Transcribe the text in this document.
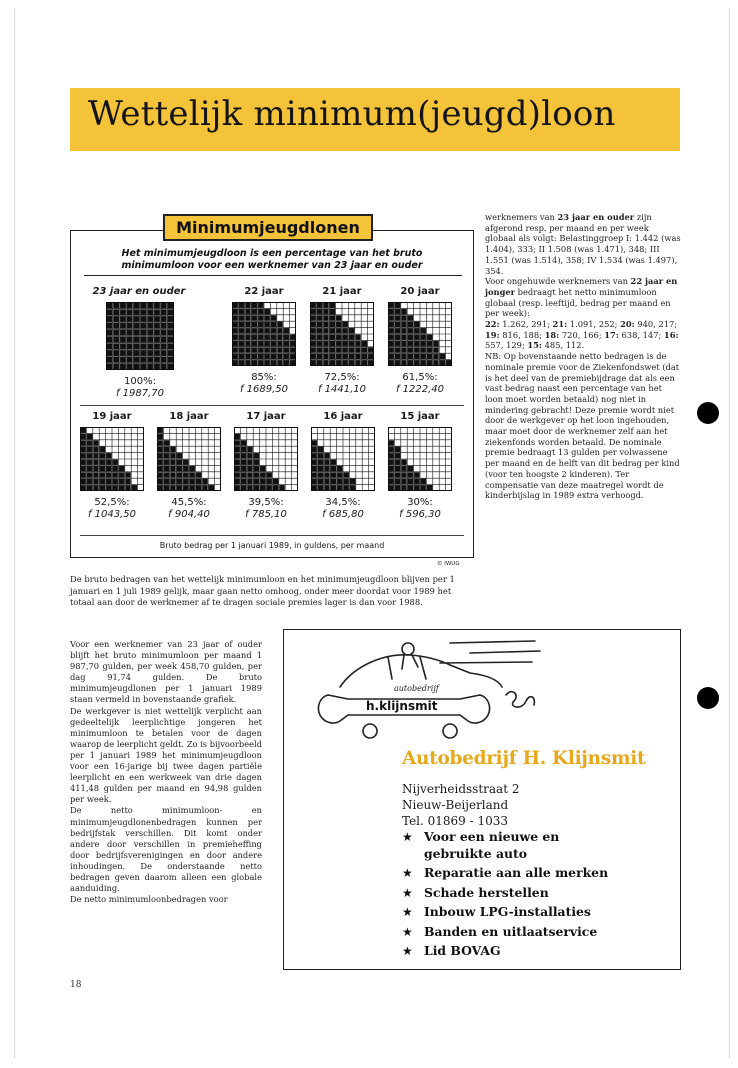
Wettelijk minimum(jeugd)loon
Minimumjeugdlonen
Het minimumjeugdloon is een percentage van het bruto
minimumloon voor een werknemer van 23 jaar en ouder
23 jaar en ouder
100%:
f 1987,70
22 jaar
85%:
f 1689,50
21 jaar
72,5%:
f 1441,10
20 jaar
61,5%:
f 1222,40
19 jaar
52,5%:
f 1043,50
18 jaar
45,5%:
f 904,40
17 jaar
39,5%:
f 785,10
16 jaar
34,5%:
f 685,80
15 jaar
30%:
f 596,30
Bruto bedrag per 1 januari 1989, in guldens, per maand
© IWUG
De bruto bedragen van het wettelijk minimumloon en het minimumjeugdloon blijven per 1 januari en 1 juli 1989 gelijk, maar gaan netto omhoog, onder meer doordat voor 1989 het totaal aan door de werknemer af te dragen sociale premies lager is dan voor 1988.

werknemers van 23 jaar en ouder zijn afgerond resp. per maand en per week globaal als volgt: Belastinggroep I: 1.442 (was 1.404), 333; II 1.508 (was 1.471), 348; III 1.551 (was 1.514), 358; IV 1.534 (was 1.497), 354.

Voor ongehuwde werknemers van 22 jaar en jonger bedraagt het netto minimumloon globaal (resp. leeftijd, bedrag per maand en per week):
22: 1.262, 291; 21: 1.091, 252; 20: 940, 217; 19: 816, 188; 18: 720, 166; 17: 638, 147; 16: 557, 129; 15: 485, 112.

NB: Op bovenstaande netto bedragen is de nominale premie voor de Ziekenfondswet (dat is het deel van de premiebijdrage dat als een vast bedrag naast een percentage van het loon moet worden betaald) nog niet in mindering gebracht! Deze premie wordt niet door de werkgever op het loon ingehouden, maar moet door de werknemer zelf aan het ziekenfonds worden betaald. De nominale premie bedraagt 13 gulden per volwassene per maand en de helft van dit bedrag per kind (voor ten hoogste 2 kinderen). Ter compensatie van deze maatregel wordt de kinderbijslag in 1989 extra verhoogd.

Voor een werknemer van 23 jaar of ouder blijft het bruto minimumloon per maand 1 987,70 gulden, per week 458,70 gulden, per dag 91,74 gulden. De bruto minimumjeugdlonen per 1 januari 1989 staan vermeld in bovenstaande grafiek.

De werkgever is niet wettelijk verplicht aan gedeeltelijk leerplichtige jongeren het minimumloon te betalen voor de dagen waarop de leerplicht geldt. Zo is bijvoorbeeld per 1 januari 1989 het minimumjeugdloon voor een 16-jarige bij twee dagen partiële leerplicht en een werkweek van drie dagen 411,48 gulden per maand en 94,98 gulden per week.

De netto minimumloon- en minimumjeugdlonenbedragen kunnen per bedrijfstak verschillen. Dit komt onder andere door verschillen in premieheffing door bedrijfsverenigingen en door andere inhoudingen. De onderstaande netto bedragen geven daarom alleen een globale aanduiding.

De netto minimumloonbedragen voor

autobedrijf
h.klijnsmit
Autobedrijf H. Klijnsmit
Nijverheidsstraat 2
Nieuw-Beijerland
Tel. 01869 - 1033
★ Voor een nieuwe en
gebruikte auto
★ Reparatie aan alle merken
★ Schade herstellen
★ Inbouw LPG-installaties
★ Banden en uitlaatservice
★ Lid BOVAG
18
